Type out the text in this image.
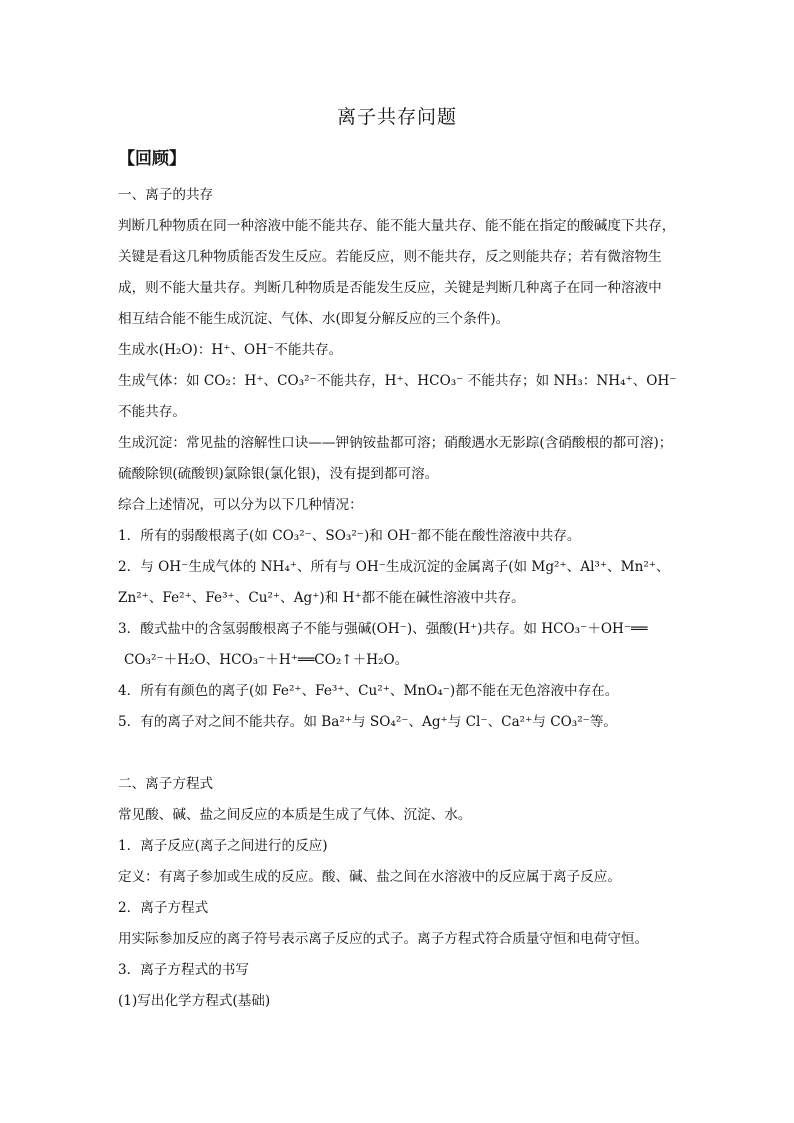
离子共存问题
【回顾】
一、离子的共存
判断几种物质在同一种溶液中能不能共存、能不能大量共存、能不能在指定的酸碱度下共存，
关键是看这几种物质能否发生反应。若能反应，则不能共存，反之则能共存；若有微溶物生
成，则不能大量共存。判断几种物质是否能发生反应，关键是判断几种离子在同一种溶液中
相互结合能不能生成沉淀、气体、水(即复分解反应的三个条件)。
生成水(H₂O)：H⁺、OH⁻不能共存。
生成气体：如 CO₂：H⁺、CO₃²⁻不能共存，H⁺、HCO₃⁻ 不能共存；如 NH₃：NH₄⁺、OH⁻
不能共存。
生成沉淀：常见盐的溶解性口诀——钾钠铵盐都可溶；硝酸遇水无影踪(含硝酸根的都可溶)；
硫酸除钡(硫酸钡)氯除银(氯化银)，没有提到都可溶。
综合上述情况，可以分为以下几种情况：
1．所有的弱酸根离子(如 CO₃²⁻、SO₃²⁻)和 OH⁻都不能在酸性溶液中共存。
2．与 OH⁻生成气体的 NH₄⁺、所有与 OH⁻生成沉淀的金属离子(如 Mg²⁺、Al³⁺、Mn²⁺、
Zn²⁺、Fe²⁺、Fe³⁺、Cu²⁺、Ag⁺)和 H⁺都不能在碱性溶液中共存。
3．酸式盐中的含氢弱酸根离子不能与强碱(OH⁻)、强酸(H⁺)共存。如 HCO₃⁻＋OH⁻══
CO₃²⁻＋H₂O、HCO₃⁻＋H⁺══CO₂↑＋H₂O。
4．所有有颜色的离子(如 Fe²⁺、Fe³⁺、Cu²⁺、MnO₄⁻)都不能在无色溶液中存在。
5．有的离子对之间不能共存。如 Ba²⁺与 SO₄²⁻、Ag⁺与 Cl⁻、Ca²⁺与 CO₃²⁻等。
二、离子方程式
常见酸、碱、盐之间反应的本质是生成了气体、沉淀、水。
1．离子反应(离子之间进行的反应)
定义：有离子参加或生成的反应。酸、碱、盐之间在水溶液中的反应属于离子反应。
2．离子方程式
用实际参加反应的离子符号表示离子反应的式子。离子方程式符合质量守恒和电荷守恒。
3．离子方程式的书写
(1)写出化学方程式(基础)
